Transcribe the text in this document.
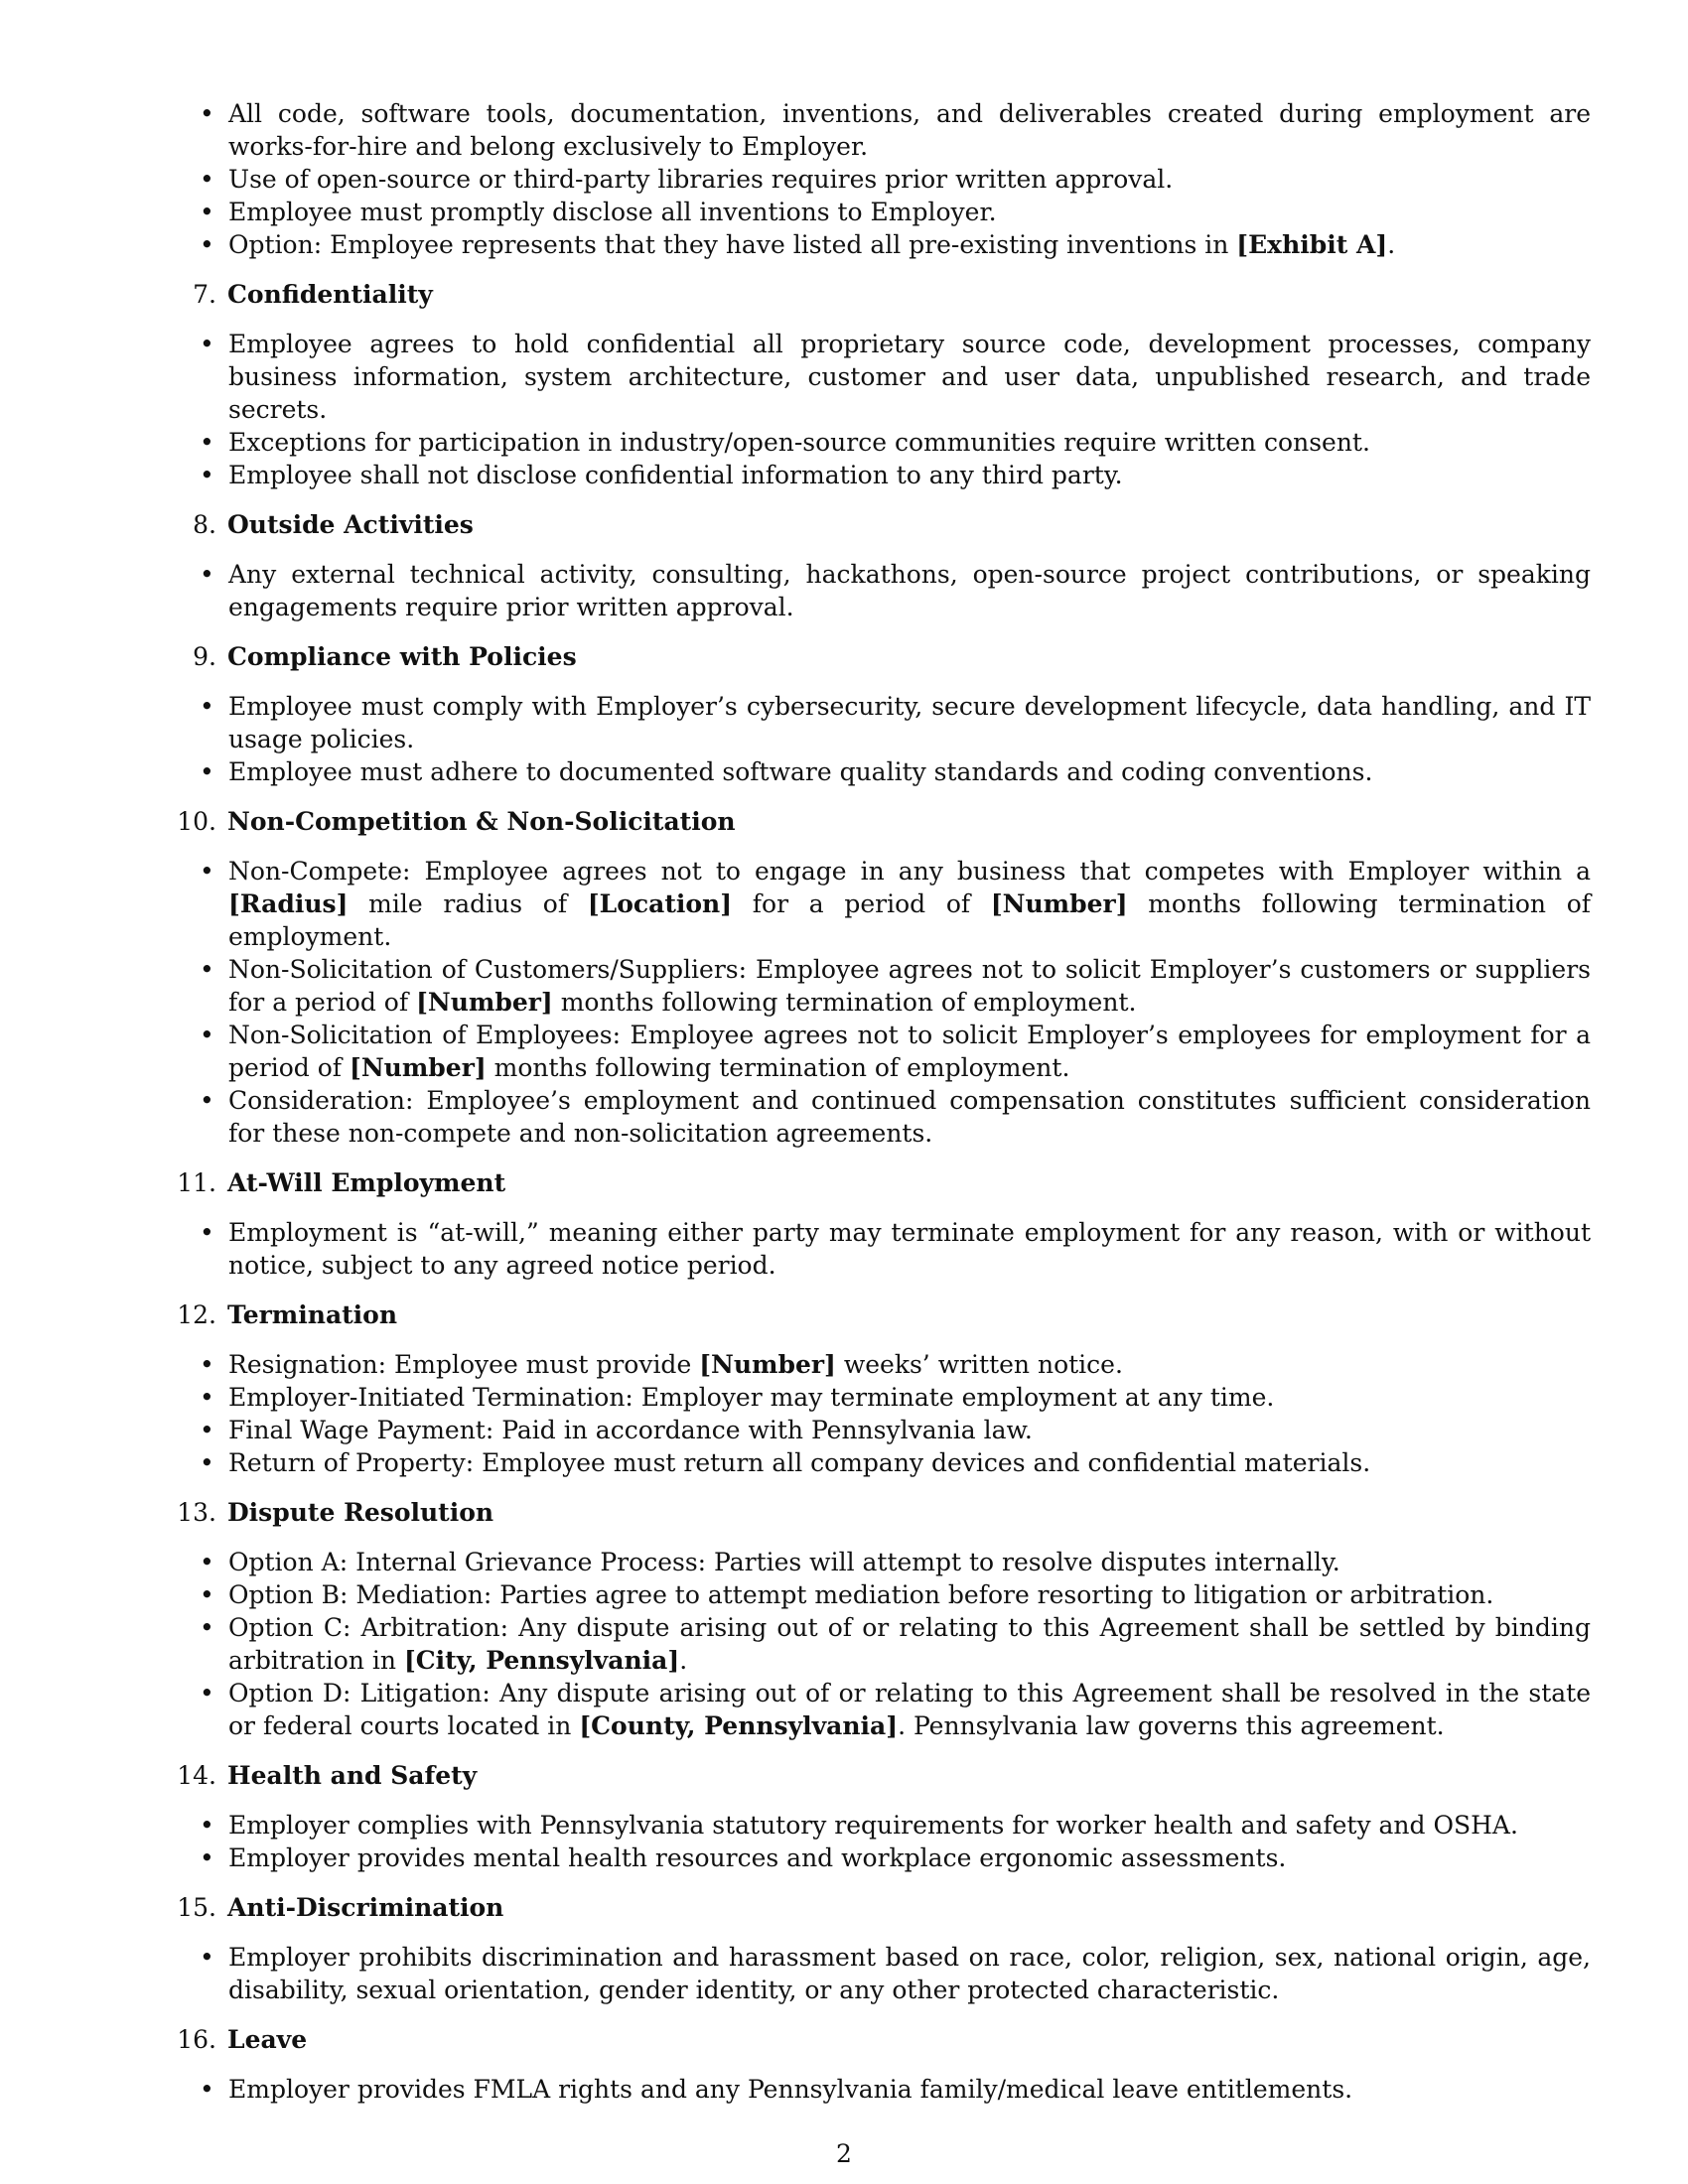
• All code, software tools, documentation, inventions, and deliverables created during employment are works-for-hire and belong exclusively to Employer.
• Use of open-source or third-party libraries requires prior written approval.
• Employee must promptly disclose all inventions to Employer.
• Option: Employee represents that they have listed all pre-existing inventions in [Exhibit A].
7. Confidentiality
• Employee agrees to hold confidential all proprietary source code, development processes, company business information, system architecture, customer and user data, unpublished research, and trade secrets.
• Exceptions for participation in industry/open-source communities require written consent.
• Employee shall not disclose confidential information to any third party.
8. Outside Activities
• Any external technical activity, consulting, hackathons, open-source project contributions, or speaking engagements require prior written approval.
9. Compliance with Policies
• Employee must comply with Employer’s cybersecurity, secure development lifecycle, data handling, and IT usage policies.
• Employee must adhere to documented software quality standards and coding conventions.
10. Non-Competition & Non-Solicitation
• Non-Compete: Employee agrees not to engage in any business that competes with Employer within a [Radius] mile radius of [Location] for a period of [Number] months following termination of employment.
• Non-Solicitation of Customers/Suppliers: Employee agrees not to solicit Employer’s customers or suppliers for a period of [Number] months following termination of employment.
• Non-Solicitation of Employees: Employee agrees not to solicit Employer’s employees for employment for a period of [Number] months following termination of employment.
• Consideration: Employee’s employment and continued compensation constitutes sufficient consideration for these non-compete and non-solicitation agreements.
11. At-Will Employment
• Employment is “at-will,” meaning either party may terminate employment for any reason, with or without notice, subject to any agreed notice period.
12. Termination
• Resignation: Employee must provide [Number] weeks’ written notice.
• Employer-Initiated Termination: Employer may terminate employment at any time.
• Final Wage Payment: Paid in accordance with Pennsylvania law.
• Return of Property: Employee must return all company devices and confidential materials.
13. Dispute Resolution
• Option A: Internal Grievance Process: Parties will attempt to resolve disputes internally.
• Option B: Mediation: Parties agree to attempt mediation before resorting to litigation or arbitration.
• Option C: Arbitration: Any dispute arising out of or relating to this Agreement shall be settled by binding arbitration in [City, Pennsylvania].
• Option D: Litigation: Any dispute arising out of or relating to this Agreement shall be resolved in the state or federal courts located in [County, Pennsylvania]. Pennsylvania law governs this agreement.
14. Health and Safety
• Employer complies with Pennsylvania statutory requirements for worker health and safety and OSHA.
• Employer provides mental health resources and workplace ergonomic assessments.
15. Anti-Discrimination
• Employer prohibits discrimination and harassment based on race, color, religion, sex, national origin, age, disability, sexual orientation, gender identity, or any other protected characteristic.
16. Leave
• Employer provides FMLA rights and any Pennsylvania family/medical leave entitlements.
2
